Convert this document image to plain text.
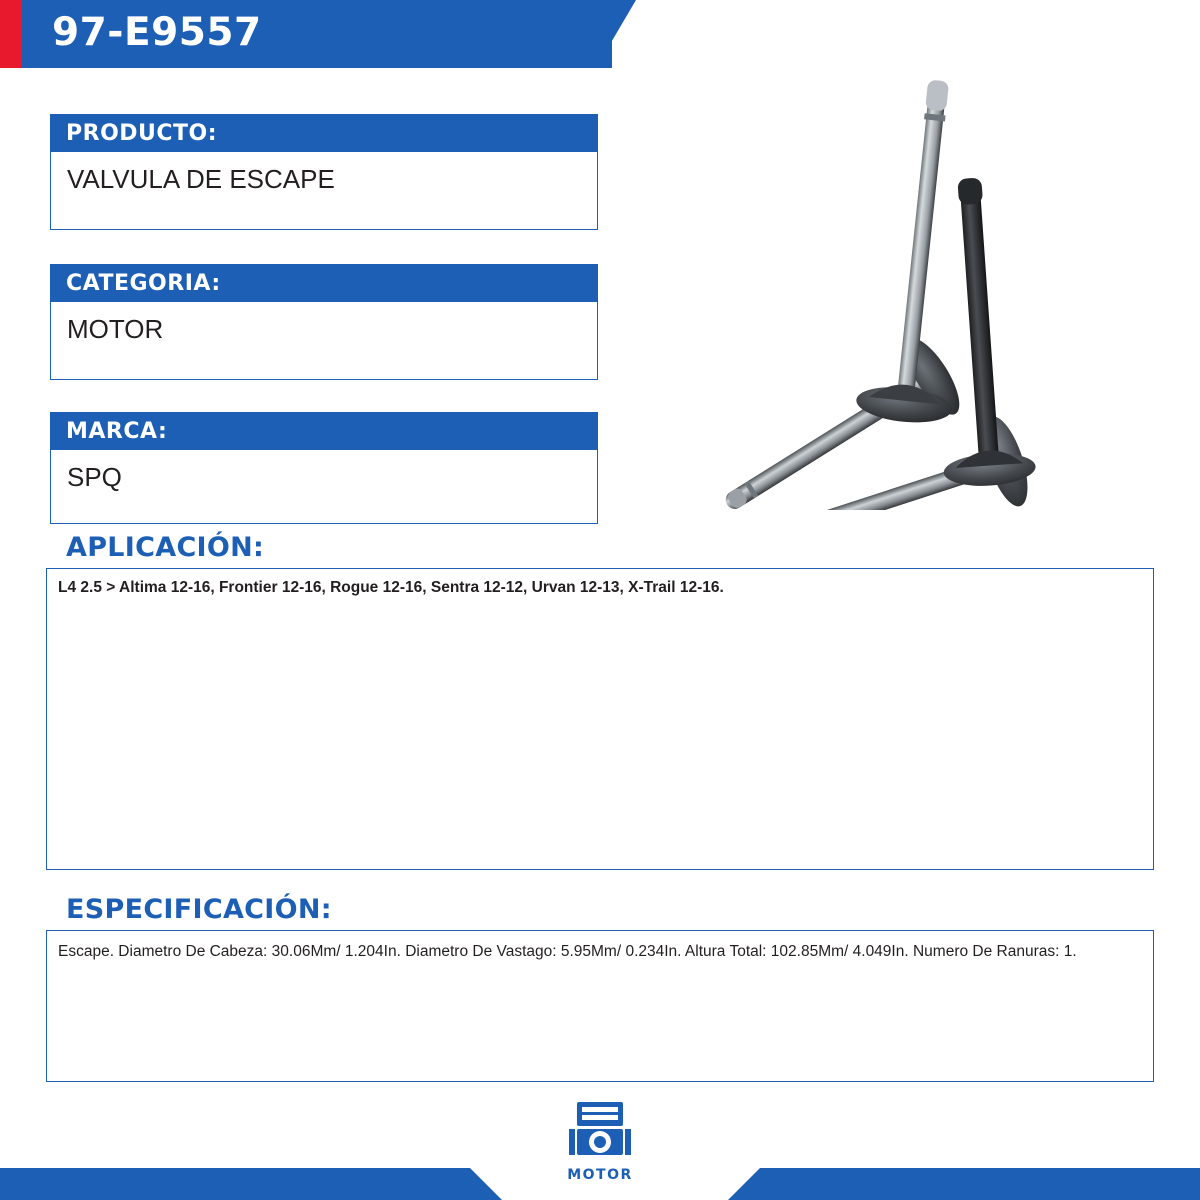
97-E9557
PRODUCTO:
VALVULA DE ESCAPE
CATEGORIA:
MOTOR
MARCA:
SPQ
APLICACIÓN:
L4 2.5 > Altima 12-16, Frontier 12-16, Rogue 12-16, Sentra 12-12, Urvan 12-13, X-Trail 12-16.
ESPECIFICACIÓN:
Escape. Diametro De Cabeza: 30.06Mm/ 1.204In. Diametro De Vastago: 5.95Mm/ 0.234In. Altura Total: 102.85Mm/ 4.049In. Numero De Ranuras: 1.
MOTOR
